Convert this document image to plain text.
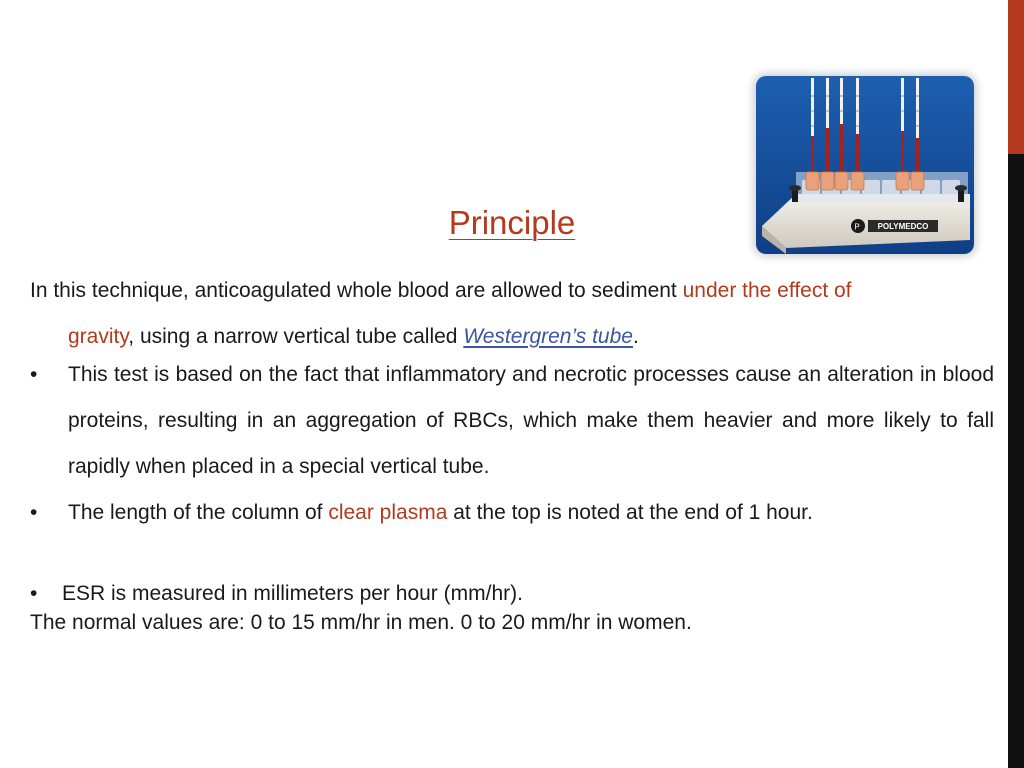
P POLYMEDCO
Principle
In this technique, anticoagulated whole blood are allowed to sediment under the effect of
gravity, using a narrow vertical tube called Westergren’s tube.
• This test is based on the fact that inflammatory and necrotic processes cause an alteration in blood proteins, resulting in an aggregation of RBCs, which make them heavier and more likely to fall rapidly when placed in a special vertical tube.
• The length of the column of clear plasma at the top is noted at the end of 1 hour.
• ESR is measured in millimeters per hour (mm/hr).
The normal values are: 0 to 15 mm/hr in men. 0 to 20 mm/hr in women.
